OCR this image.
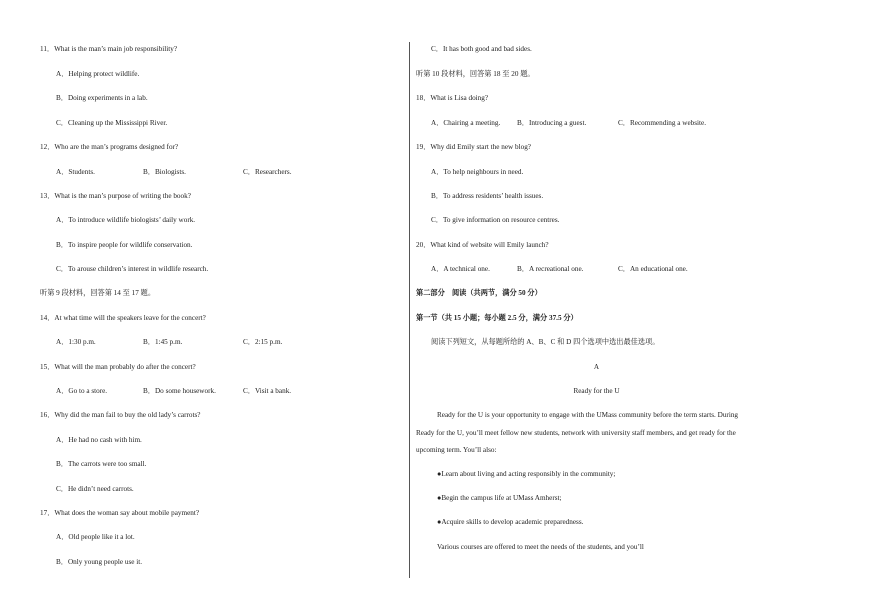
11．What is the man’s main job responsibility?
A．Helping protect wildlife.
B．Doing experiments in a lab.
C．Cleaning up the Mississippi River.
12．Who are the man’s programs designed for?
A．Students.	B．Biologists.	C．Researchers.
13．What is the man’s purpose of writing the book?
A．To introduce wildlife biologists’ daily work.
B．To inspire people for wildlife conservation.
C．To arouse children’s interest in wildlife research.
听第 9 段材料，回答第 14 至 17 题。
14．At what time will the speakers leave for the concert?
A．1:30 p.m.	B．1:45 p.m.	C．2:15 p.m.
15．What will the man probably do after the concert?
A．Go to a store.	B．Do some housework.	C．Visit a bank.
16．Why did the man fail to buy the old lady’s carrots?
A．He had no cash with him.
B．The carrots were too small.
C．He didn’t need carrots.
17．What does the woman say about mobile payment?
A．Old people like it a lot.
B．Only young people use it.
C．It has both good and bad sides.
听第 10 段材料，回答第 18 至 20 题。
18．What is Lisa doing?
A．Chairing a meeting. B．Introducing a guest.	C．Recommending a website.
19．Why did Emily start the new blog?
A．To help neighbours in need.
B．To address residents’ health issues.
C．To give information on resource centres.
20．What kind of website will Emily launch?
A．A technical one.	B．A recreational one.	C．An educational one.
第二部分　阅读（共两节，满分 50 分）
第一节（共 15 小题；每小题 2.5 分，满分 37.5 分）
阅读下列短文，从每题所给的 A、B、C 和 D 四个选项中选出最佳选项。
A
Ready for the U
Ready for the U is your opportunity to engage with the UMass community before the term starts. During
Ready for the U, you’ll meet fellow new students, network with university staff members, and get ready for the
upcoming term. You’ll also:
●Learn about living and acting responsibly in the community;
●Begin the campus life at UMass Amherst;
●Acquire skills to develop academic preparedness.
Various courses are offered to meet the needs of the students, and you’ll
